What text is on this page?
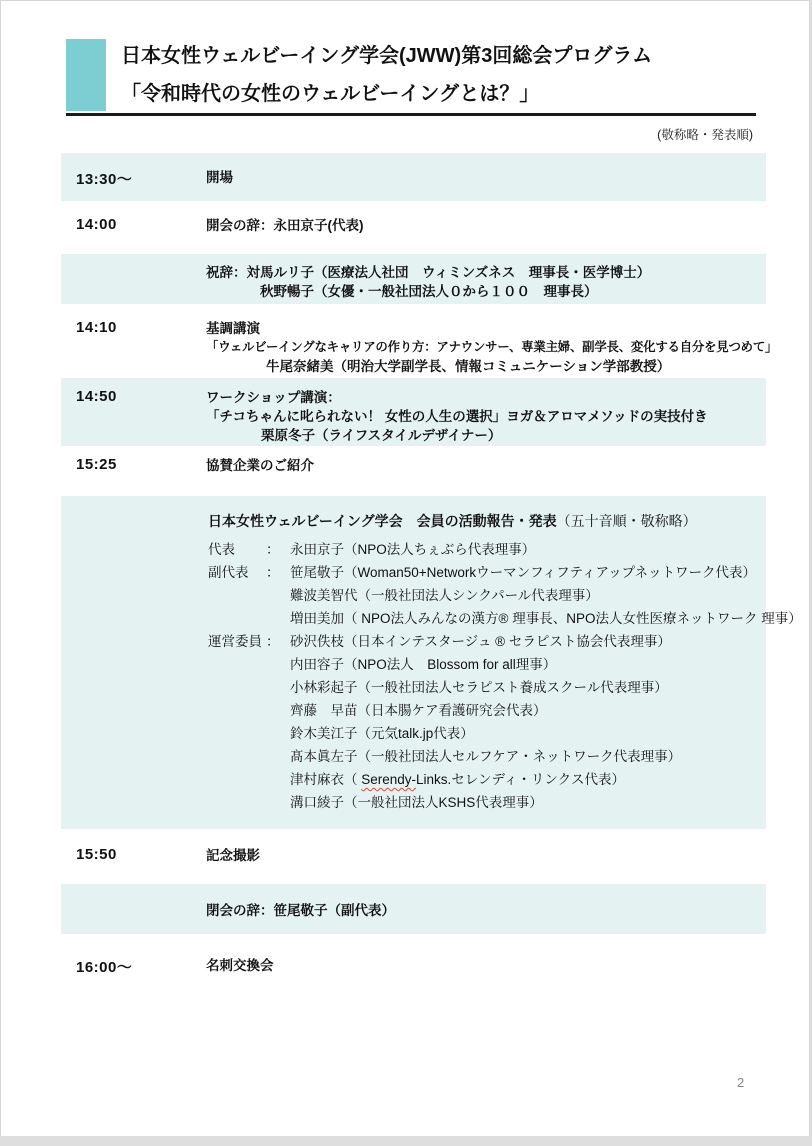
日本女性ウェルビーイング学会(JWW)第3回総会プログラム
「令和時代の女性のウェルビーイングとは？」
(敬称略・発表順)
13:30～	開場
14:00	開会の辞：永田京子(代表)
祝辞：対馬ルリ子（医療法人社団　ウィミンズネス　理事長・医学博士）
秋野暢子（女優・一般社団法人０から１００　理事長）
14:10	基調講演
「ウェルビーイングなキャリアの作り方：アナウンサー、専業主婦、副学長、変化する自分を見つめて」
牛尾奈緒美（明治大学副学長、情報コミュニケーション学部教授）
14:50	ワークショップ講演：
「チコちゃんに叱られない！ 女性の人生の選択」ヨガ＆アロマメソッドの実技付き
栗原冬子（ライフスタイルデザイナー）
15:25	協賛企業のご紹介
日本女性ウェルビーイング学会　会員の活動報告・発表（五十音順・敬称略）
代表	： 永田京子（NPO法人ちぇぶら代表理事）
副代表	： 笹尾敬子（Woman50+Networkウーマンフィフティアップネットワーク代表）
難波美智代（一般社団法人シンクパール代表理事）
増田美加（ NPO法人みんなの漢方® 理事長、NPO法人女性医療ネットワーク 理事）
運営委員 ： 砂沢佚枝（日本インテスタージュ ® セラピスト協会代表理事）
内田容子（NPO法人　Blossom for all理事）
小林彩起子（一般社団法人セラピスト養成スクール代表理事）
齊藤　早苗（日本腸ケア看護研究会代表）
鈴木美江子（元気talk.jp代表）
髙本眞左子（一般社団法人セルフケア・ネットワーク代表理事）
津村麻衣（ Serendy-Links.セレンディ・リンクス代表）
溝口綾子（一般社団法人KSHS代表理事）
15:50	記念撮影
閉会の辞：笹尾敬子（副代表）
16:00～	名刺交換会
2
